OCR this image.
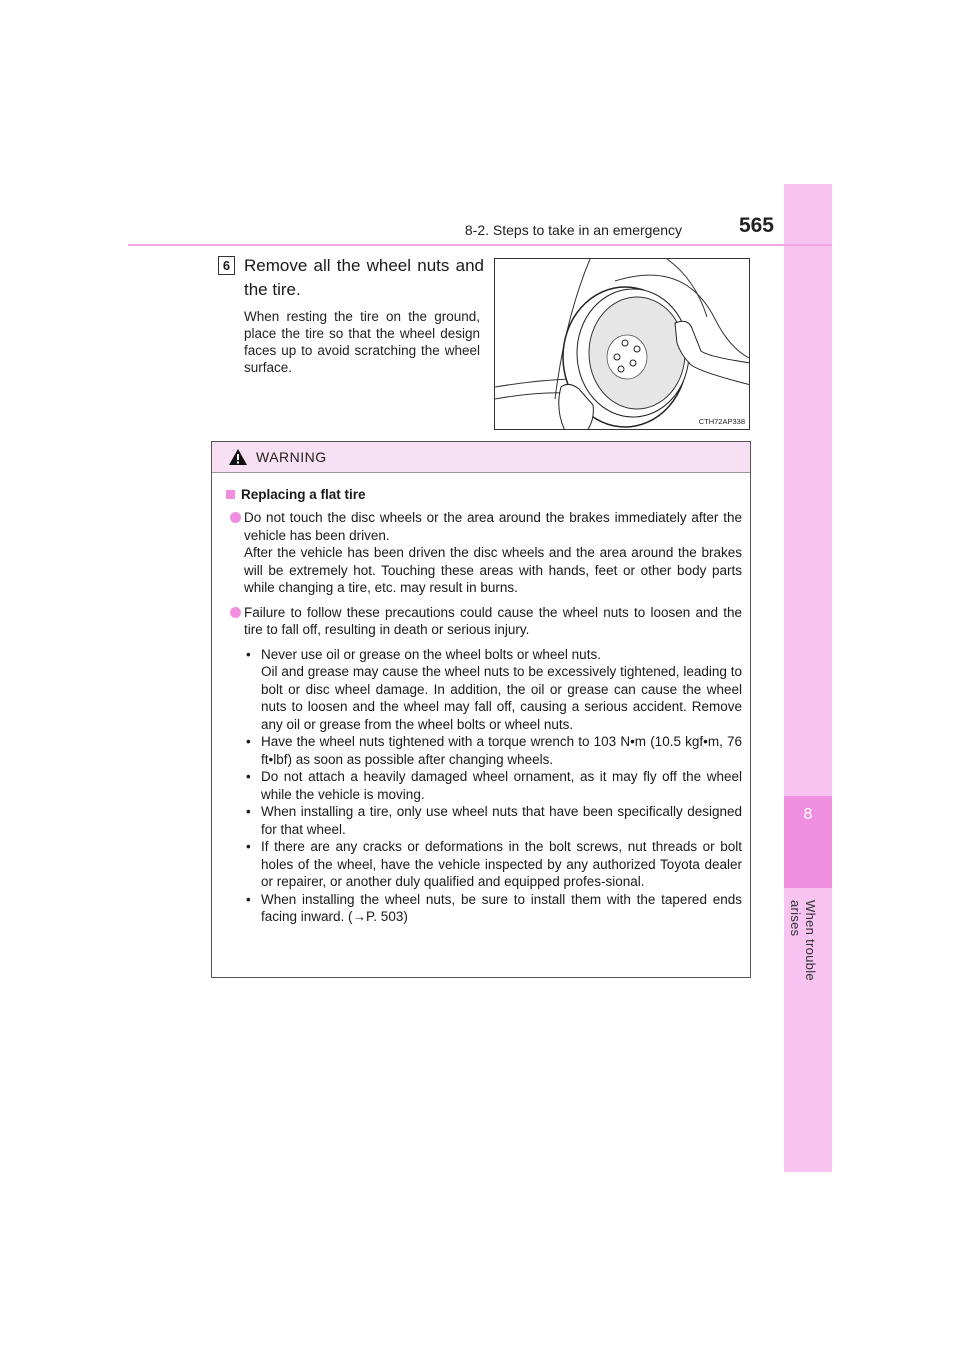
8
When trouble arises
8-2. Steps to take in an emergency	565
6 Remove all the wheel nuts and the tire.
When resting the tire on the ground, place the tire so that the wheel design faces up to avoid scratching the wheel surface.
CTH72AP338
WARNING
Replacing a flat tire

Do not touch the disc wheels or the area around the brakes immediately after the vehicle has been driven.

After the vehicle has been driven the disc wheels and the area around the brakes will be extremely hot. Touching these areas with hands, feet or other body parts while changing a tire, etc. may result in burns.

Failure to follow these precautions could cause the wheel nuts to loosen and the tire to fall off, resulting in death or serious injury.

• Never use oil or grease on the wheel bolts or wheel nuts.

Oil and grease may cause the wheel nuts to be excessively tightened, leading to bolt or disc wheel damage. In addition, the oil or grease can cause the wheel nuts to loosen and the wheel may fall off, causing a serious accident. Remove any oil or grease from the wheel bolts or wheel nuts.

• Have the wheel nuts tightened with a torque wrench to 103 N•m (10.5 kgf•m, 76 ft•lbf) as soon as possible after changing wheels.

• Do not attach a heavily damaged wheel ornament, as it may fly off the wheel while the vehicle is moving.

• When installing a tire, only use wheel nuts that have been specifically designed for that wheel.

• If there are any cracks or deformations in the bolt screws, nut threads or bolt holes of the wheel, have the vehicle inspected by any authorized Toyota dealer or repairer, or another duly qualified and equipped profes-sional.

• When installing the wheel nuts, be sure to install them with the tapered ends facing inward. (→P. 503)
